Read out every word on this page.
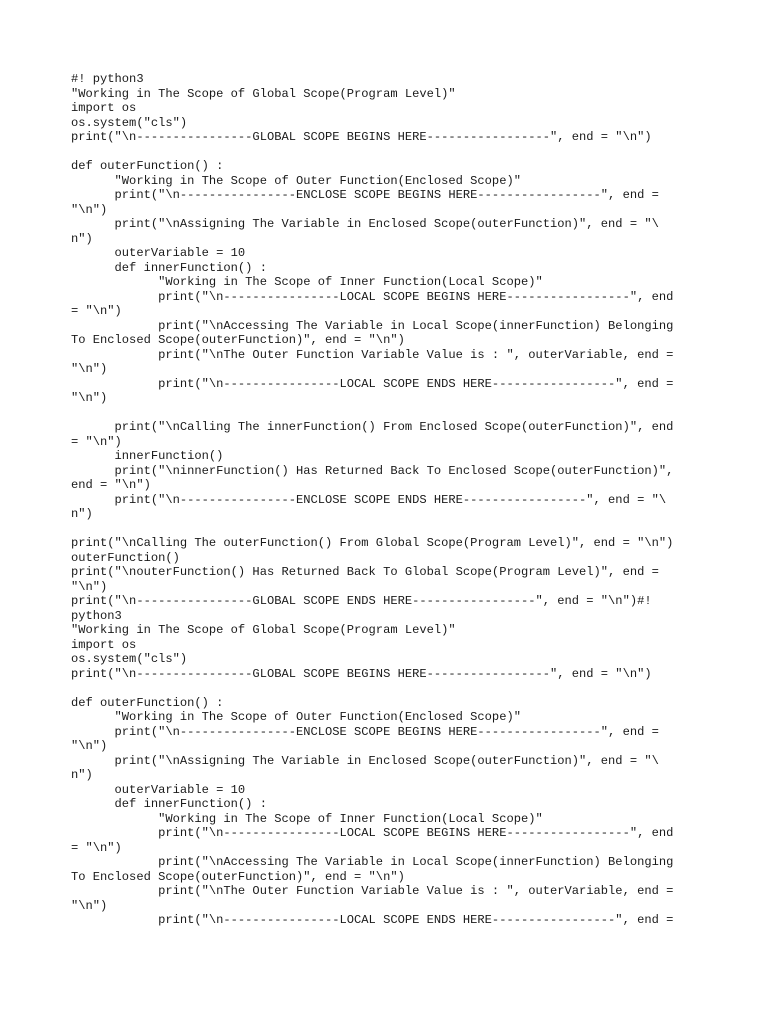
#! python3
"Working in The Scope of Global Scope(Program Level)"
import os
os.system("cls")
print("\n----------------GLOBAL SCOPE BEGINS HERE-----------------", end = "\n")
def outerFunction() :
"Working in The Scope of Outer Function(Enclosed Scope)"
print("\n----------------ENCLOSE SCOPE BEGINS HERE-----------------", end =
"\n")
print("\nAssigning The Variable in Enclosed Scope(outerFunction)", end = "\
n")
outerVariable = 10
def innerFunction() :
"Working in The Scope of Inner Function(Local Scope)"
print("\n----------------LOCAL SCOPE BEGINS HERE-----------------", end
= "\n")
print("\nAccessing The Variable in Local Scope(innerFunction) Belonging
To Enclosed Scope(outerFunction)", end = "\n")
print("\nThe Outer Function Variable Value is : ", outerVariable, end =
"\n")
print("\n----------------LOCAL SCOPE ENDS HERE-----------------", end =
"\n")
print("\nCalling The innerFunction() From Enclosed Scope(outerFunction)", end
= "\n")
innerFunction()
print("\ninnerFunction() Has Returned Back To Enclosed Scope(outerFunction)",
end = "\n")
print("\n----------------ENCLOSE SCOPE ENDS HERE-----------------", end = "\
n")
print("\nCalling The outerFunction() From Global Scope(Program Level)", end = "\n")
outerFunction()
print("\nouterFunction() Has Returned Back To Global Scope(Program Level)", end =
"\n")
print("\n----------------GLOBAL SCOPE ENDS HERE-----------------", end = "\n")#!
python3
"Working in The Scope of Global Scope(Program Level)"
import os
os.system("cls")
print("\n----------------GLOBAL SCOPE BEGINS HERE-----------------", end = "\n")
def outerFunction() :
"Working in The Scope of Outer Function(Enclosed Scope)"
print("\n----------------ENCLOSE SCOPE BEGINS HERE-----------------", end =
"\n")
print("\nAssigning The Variable in Enclosed Scope(outerFunction)", end = "\
n")
outerVariable = 10
def innerFunction() :
"Working in The Scope of Inner Function(Local Scope)"
print("\n----------------LOCAL SCOPE BEGINS HERE-----------------", end
= "\n")
print("\nAccessing The Variable in Local Scope(innerFunction) Belonging
To Enclosed Scope(outerFunction)", end = "\n")
print("\nThe Outer Function Variable Value is : ", outerVariable, end =
"\n")
print("\n----------------LOCAL SCOPE ENDS HERE-----------------", end =
